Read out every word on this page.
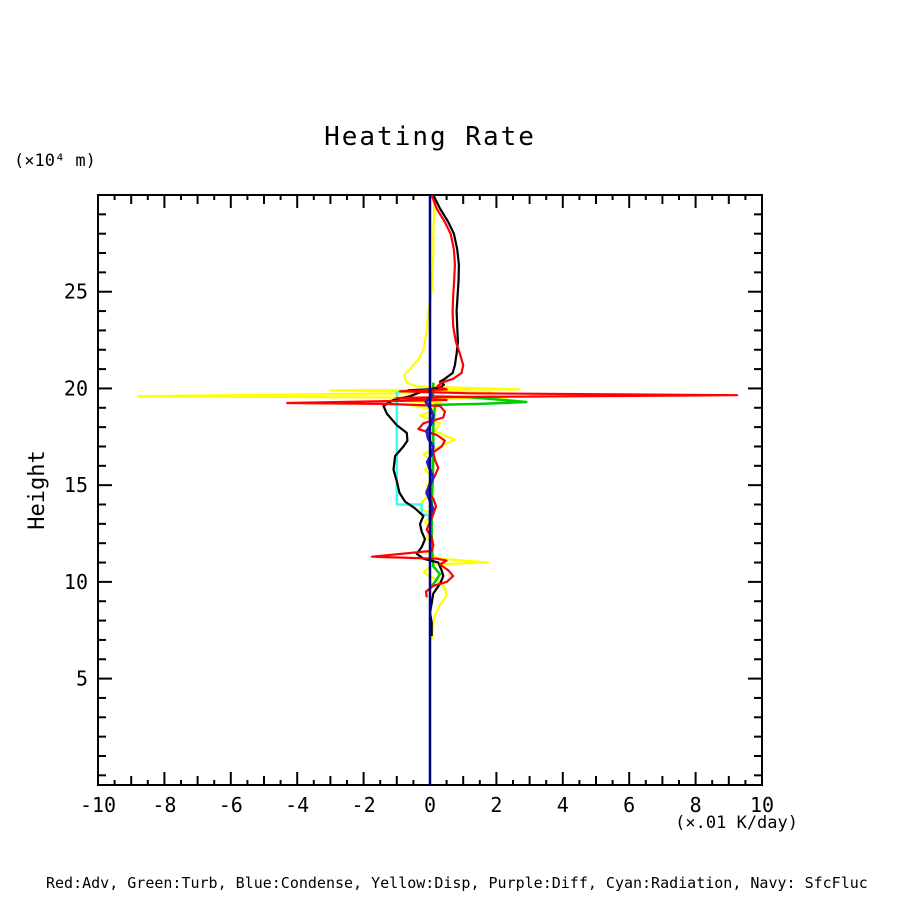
Heating Rate
(×10⁴ m)
Height
-10 -8 -6 -4 -2 0	2	4	6	8 10
5
10
15
20
25
(×.01 K/day)
Red:Adv, Green:Turb, Blue:Condense, Yellow:Disp, Purple:Diff, Cyan:Radiation, Navy: SfcFluc
